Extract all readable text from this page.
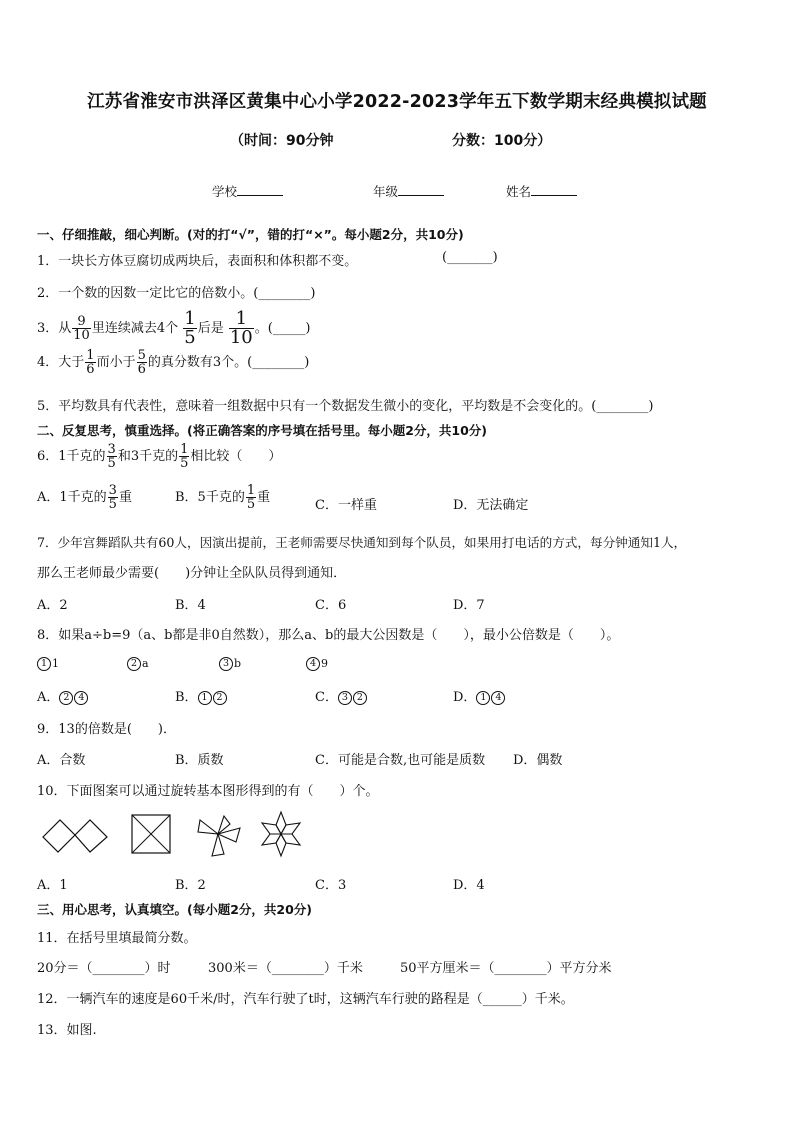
江苏省淮安市洪泽区黄集中心小学2022-2023学年五下数学期末经典模拟试题
（时间：90分钟	分数：100分）
学校	年级	姓名
一、仔细推敲，细心判断。(对的打“√”，错的打“×”。每小题2分，共10分)
1．一块长方体豆腐切成两块后，表面积和体积都不变。	(_______)
2．一个数的因数一定比它的倍数小。(________)
3．从 $\frac{9}{10}$ 里连续减去4个 $\frac{1}{5}$ 后是 $\frac{1}{10}$ 。(_____)
4．大于 $\frac{1}{6}$ 而小于 $\frac{5}{6}$ 的真分数有3个。(________)
5．平均数具有代表性，意味着一组数据中只有一个数据发生微小的变化，平均数是不会变化的。(________)
二、反复思考，慎重选择。(将正确答案的序号填在括号里。每小题2分，共10分)
6．1千克的 $\frac{3}{5}$ 和3千克的 $\frac{1}{5}$ 相比较（　　）
A．1千克的 $\frac{3}{5}$ 重	B．5千克的 $\frac{1}{5}$ 重
C．一样重	D．无法确定
7．少年宫舞蹈队共有60人，因演出提前，王老师需要尽快通知到每个队员，如果用打电话的方式，每分钟通知1人，
那么王老师最少需要(　　)分钟让全队队员得到通知．
A．2	B．4	C．6	D．7
8．如果a÷b=9（a、b都是非0自然数），那么a、b的最大公因数是（　　），最小公倍数是（　　）。
1 1	2 a	3 b	4 9
A． 2 4	B． 1 2	C． 3 2	D． 1 4
9．13的倍数是(　　)．
A．合数	B．质数	C．可能是合数,也可能是质数 D．偶数
10．下面图案可以通过旋转基本图形得到的有（　　）个。
A．1	B．2	C．3	D．4
三、用心思考，认真填空。(每小题2分，共20分)
11．在括号里填最简分数。
20分＝（________）时	300米＝（________）千米	50平方厘米＝（________）平方分米
12．一辆汽车的速度是60千米/时，汽车行驶了t时，这辆汽车行驶的路程是（______）千米。
13．如图.
